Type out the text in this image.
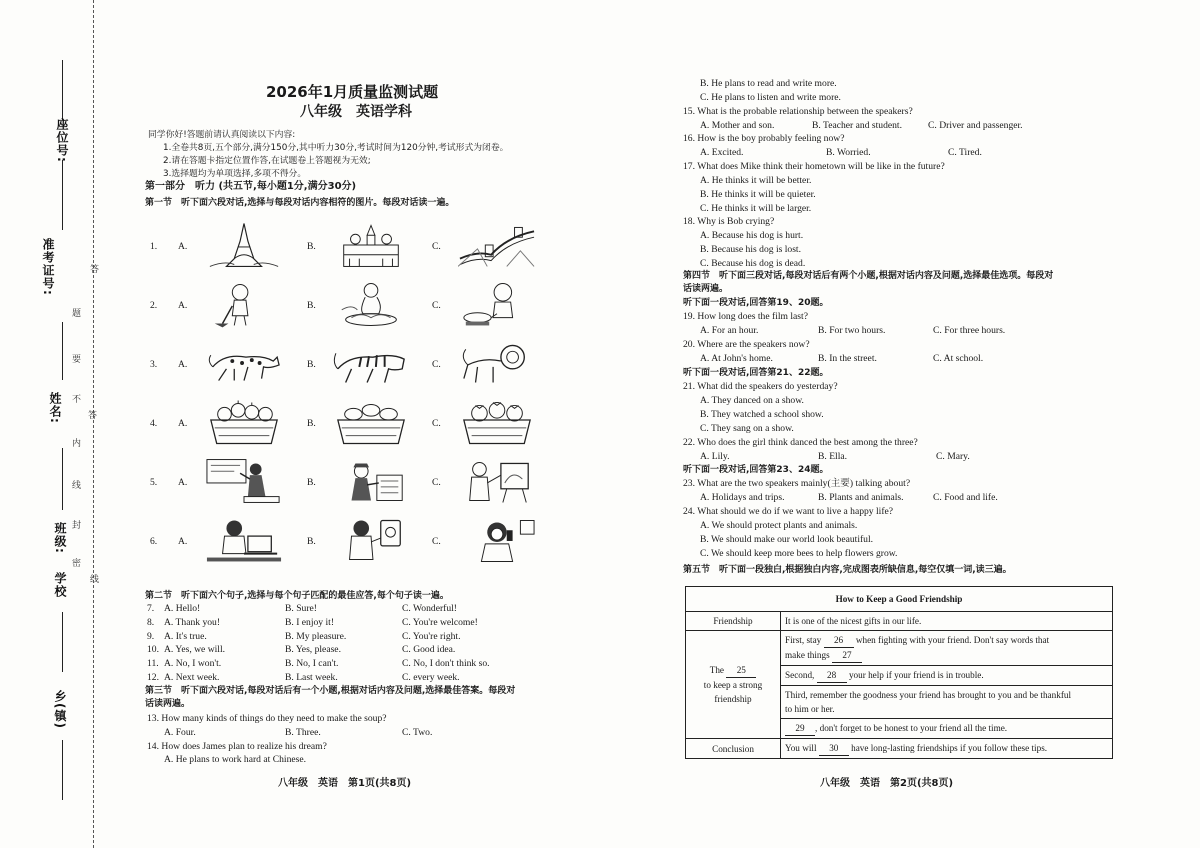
座位号:
准考证号:
姓名:
班级:
学校
乡(镇)
答
题
要
不
答
内
线
封
密
线
2026年1月质量监测试题
八年级　英语学科
同学你好!答题前请认真阅读以下内容:
1.全卷共8页,五个部分,满分150分,其中听力30分,考试时间为120分钟,考试形式为闭卷。
2.请在答题卡指定位置作答,在试题卷上答题视为无效;
3.选择题均为单项选择,多项不得分。
第一部分　听力 (共五节,每小题1分,满分30分)
第一节　听下面六段对话,选择与每段对话内容相符的图片。每段对话读一遍。
1. A.	B.	C.
2. A.	B.	C.
3. A.	B.	C.
4. A.	B.	C.
5. A.	B.	C.
6. A.	B.	C.
第二节　听下面六个句子,选择与每个句子匹配的最佳应答,每个句子读一遍。
7. A. Hello!	B. Sure!	C. Wonderful!
8. A. Thank you!	B. I enjoy it!	C. You're welcome!
9. A. It's true.	B. My pleasure.	C. You're right.
10. A. Yes, we will.	B. Yes, please.	C. Good idea.
11. A. No, I won't.	B. No, I can't.	C. No, I don't think so.
12. A. Next week.	B. Last week.	C. every week.
第三节　听下面六段对话,每段对话后有一个小题,根据对话内容及问题,选择最佳答案。每段对
话读两遍。
13. How many kinds of things do they need to make the soup?
A. Four.	B. Three.	C. Two.
14. How does James plan to realize his dream?
A. He plans to work hard at Chinese.
八年级　英语　第1页(共8页)
B. He plans to read and write more.
C. He plans to listen and write more.
15. What is the probable relationship between the speakers?
A. Mother and son.	B. Teacher and student.	C. Driver and passenger.
16. How is the boy probably feeling now?
A. Excited.	B. Worried.	C. Tired.
17. What does Mike think their hometown will be like in the future?
A. He thinks it will be better.
B. He thinks it will be quieter.
C. He thinks it will be larger.
18. Why is Bob crying?
A. Because his dog is hurt.
B. Because his dog is lost.
C. Because his dog is dead.
第四节　听下面三段对话,每段对话后有两个小题,根据对话内容及问题,选择最佳选项。每段对
话读两遍。
听下面一段对话,回答第19、20题。
19. How long does the film last?
A. For an hour.	B. For two hours.	C. For three hours.
20. Where are the speakers now?
A. At John's home.	B. In the street.	C. At school.
听下面一段对话,回答第21、22题。
21. What did the speakers do yesterday?
A. They danced on a show.
B. They watched a school show.
C. They sang on a show.
22. Who does the girl think danced the best among the three?
A. Lily.	B. Ella.	C. Mary.
听下面一段对话,回答第23、24题。
23. What are the two speakers mainly(主要) talking about?
A. Holidays and trips.	B. Plants and animals.	C. Food and life.
24. What should we do if we want to live a happy life?
A. We should protect plants and animals.
B. We should make our world look beautiful.
C. We should keep more bees to help flowers grow.
第五节　听下面一段独白,根据独白内容,完成图表所缺信息,每空仅填一词,读三遍。
How to Keep a Good Friendship	
Friendship	It is one of the nicest gifts in our life.
The 25
to keep a strong
friendship	First, stay 26 when fighting with your friend. Don't say words that
make things 27
	Second, 28 your help if your friend is in trouble.
	Third, remember the goodness your friend has brought to you and be thankful
to him or her.
	29 , don't forget to be honest to your friend all the time.
Conclusion	You will 30 have long-lasting friendships if you follow these tips.
八年级　英语　第2页(共8页)
